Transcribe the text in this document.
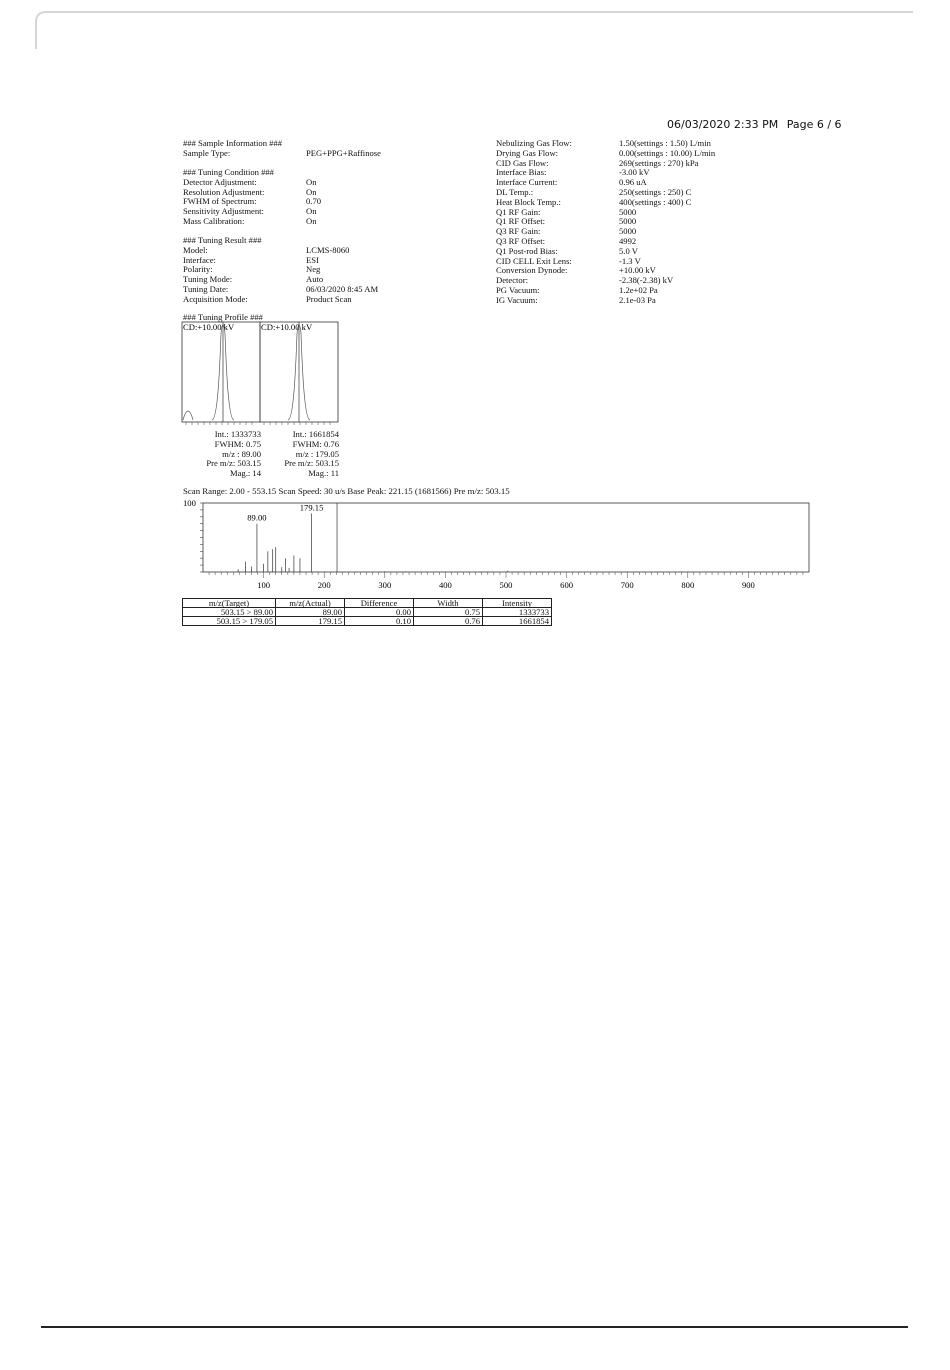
06/03/2020 2:33 PM Page 6 / 6
### Sample Information ###
Sample Type:	PEG+PPG+Raffinose
### Tuning Condition ###
Detector Adjustment:	On
Resolution Adjustment:	On
FWHM of Spectrum:	0.70
Sensitivity Adjustment:	On
Mass Calibration:	On
### Tuning Result ###
Model:	LCMS-8060
Interface:	ESI
Polarity:	Neg
Tuning Mode:	Auto
Tuning Date:	06/03/2020 8:45 AM
Acquisition Mode:	Product Scan
Nebulizing Gas Flow:	1.50(settings : 1.50) L/min
Drying Gas Flow:	0.00(settings : 10.00) L/min
CID Gas Flow:	269(settings : 270) kPa
Interface Bias:	-3.00 kV
Interface Current:	0.96 uA
DL Temp.:	250(settings : 250) C
Heat Block Temp.:	400(settings : 400) C
Q1 RF Gain:	5000
Q1 RF Offset:	5000
Q3 RF Gain:	5000
Q3 RF Offset:	4992
Q1 Post-rod Bias:	5.0 V
CID CELL Exit Lens:	-1.3 V
Conversion Dynode:	+10.00 kV
Detector:	-2.38(-2.38) kV
PG Vacuum:	1.2e+02 Pa
IG Vacuum:	2.1e-03 Pa
### Tuning Profile ###
CD:+10.00 kV	CD:+10.00 kV
Int.: 1333733
FWHM: 0.75
m/z : 89.00
Pre m/z: 503.15
Mag.: 14
Int.: 1661854
FWHM: 0.76
m/z : 179.05
Pre m/z: 503.15
Mag.: 11
Scan Range: 2.00 - 553.15 Scan Speed: 30 u/s Base Peak: 221.15 (1681566) Pre m/z: 503.15
100
100	200	300	400	500	600	700	800	900
89.00
179.15
m/z(Target)	m/z(Actual)	Difference	Width	Intensity
503.15 > 89.00	89.00	0.00	0.75	1333733
503.15 > 179.05	179.15	0.10	0.76	1661854
